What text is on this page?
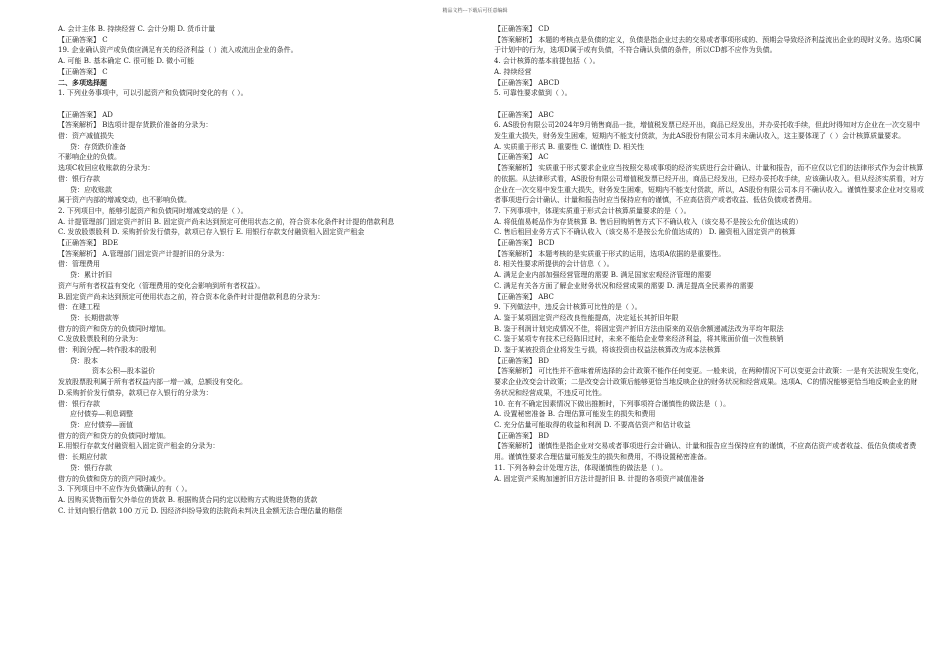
精品文档---下载后可任意编辑
A. 会计主体 B. 持续经营 C. 会计分期 D. 货币计量
【正确答案】 C
19. 企业确认资产或负债应满足有关的经济利益（ ）流入或流出企业的条件。
A. 可能 B. 基本确定 C. 很可能 D. 微小可能
【正确答案】 C
二、多项选择题
1. 下列业务事项中，可以引起资产和负债同时变化的有（ ）。
【正确答案】 AD
【答案解析】 B选项计提存货跌价准备的分录为：
借：资产减值损失
贷：存货跌价准备
不影响企业的负债。
选项C收回应收账款的分录为：
借：银行存款
贷：应收账款
属于资产内部的增减变动，也不影响负债。
2. 下列项目中，能够引起资产和负债同时增减变动的是（ ）。
A. 计提管理部门固定资产折旧 B. 固定资产尚未达到预定可使用状态之前，符合资本化条件时计提的借款利息
C. 发放股票股利 D. 采购折价发行债券，款项已存入银行 E. 用银行存款支付融资租入固定资产租金
【正确答案】 BDE
【答案解析】 A.管理部门固定资产计提折旧的分录为：
借：管理费用
贷：累计折旧
资产与所有者权益有变化（管理费用的变化会影响到所有者权益）。
B.固定资产尚未达到预定可使用状态之前，符合资本化条件时计提借款利息的分录为：
借：在建工程
贷：长期借款等
借方的资产和贷方的负债同时增加。
C.发放股票股利的分录为：
借：利润分配—转作股本的股利
贷：股本
资本公积—股本溢价
发放股票股利属于所有者权益内部一增一减，总额没有变化。
D.采购折价发行债券，款项已存入银行的分录为：
借：银行存款
应付债券—利息调整
贷：应付债券—面值
借方的资产和贷方的负债同时增加。
E.用银行存款支付融资租入固定资产租金的分录为：
借：长期应付款
贷：银行存款
借方的负债和贷方的资产同时减少。
3. 下列项目中不应作为负债确认的有（ ）。
A. 因购买货物而暂欠外单位的货款 B. 根据购货合同约定以赊购方式购进货物的货款
C. 计划向银行借款 100 万元 D. 因经济纠纷导致的法院尚未判决且金额无法合理估量的赔偿
【正确答案】 CD
【答案解析】 本题的考核点是负债的定义，负债是指企业过去的交易或者事项形成的、预期会导致经济利益流出企业的现时义务。选项C属于计划中的行为，选项D属于或有负债，不符合确认负债的条件，所以CD都不应作为负债。
4. 会计核算的基本前提包括（ ）。
A. 持续经营
【正确答案】 ABCD
5. 可靠性要求做到（ ）。
【正确答案】 ABC
6. AS股份有限公司2024年9月销售商品一批，增值税发票已经开出，商品已经发出，并办妥托收手续，但此时得知对方企业在一次交易中发生重大损失，财务发生困难，短期内不能支付货款，为此AS股份有限公司本月未确认收入，这主要体现了（ ）会计核算质量要求。
A. 实质重于形式 B. 重要性 C. 谨慎性 D. 相关性
【正确答案】 AC
【答案解析】 实质重于形式要求企业应当按照交易或事项的经济实质进行会计确认、计量和报告，而不应仅以它们的法律形式作为会计核算的依据。从法律形式看，AS股份有限公司增值税发票已经开出，商品已经发出，已经办妥托收手续，应该确认收入。但从经济实质看，对方企业在一次交易中发生重大损失，财务发生困难，短期内不能支付货款，所以，AS股份有限公司本月不确认收入。谨慎性要求企业对交易或者事项进行会计确认、计量和报告时应当保持应有的谨慎，不应高估资产或者收益、低估负债或者费用。
7. 下列事项中，体现实质重于形式会计核算质量要求的是（ ）。
A. 将低值易耗品作为存货核算 B. 售后回购销售方式下不确认收入（该交易不是按公允价值达成的）
C. 售后租回业务方式下不确认收入（该交易不是按公允价值达成的） D. 融资租入固定资产的核算
【正确答案】 BCD
【答案解析】 本题考核的是实质重于形式的运用，选项A依据的是重要性。
8. 相关性要求所提供的会计信息（ ）。
A. 满足企业内部加强经营管理的需要 B. 满足国家宏观经济管理的需要
C. 满足有关各方面了解企业财务状况和经营成果的需要 D. 满足提高全民素养的需要
【正确答案】 ABC
9. 下列做法中，违反会计核算可比性的是（ ）。
A. 鉴于某项固定资产经改良性能提高，决定延长其折旧年限
B. 鉴于利润计划完成情况不佳，将固定资产折旧方法由原来的双倍余额递减法改为平均年限法
C. 鉴于某项专有技术已经陈旧过时，未来不能给企业带来经济利益，将其账面价值一次性核销
D. 鉴于某被投资企业将发生亏损，将该投资由权益法核算改为成本法核算
【正确答案】 BD
【答案解析】 可比性并不意味着所选择的会计政策不能作任何变更。一般来说，在两种情况下可以变更会计政策：一是有关法规发生变化，要求企业改变会计政策；二是改变会计政策后能够更恰当地反映企业的财务状况和经营成果。选项A、C的情况能够更恰当地反映企业的财务状况和经营成果，不违反可比性。
10. 在有不确定因素情况下做出推断时，下列事项符合谨慎性的做法是（ ）。
A. 设置秘密准备 B. 合理估算可能发生的损失和费用
C. 充分估量可能取得的收益和利润 D. 不要高估资产和估计收益
【正确答案】 BD
【答案解析】 谨慎性是指企业对交易或者事项进行会计确认、计量和报告应当保持应有的谨慎，不应高估资产或者收益、低估负债或者费用。谨慎性要求合理估量可能发生的损失和费用，不得设置秘密准备。
11. 下列各种会计处理方法，体现谨慎性的做法是（ ）。
A. 固定资产采购加速折旧方法计提折旧 B. 计提的各项资产减值准备
